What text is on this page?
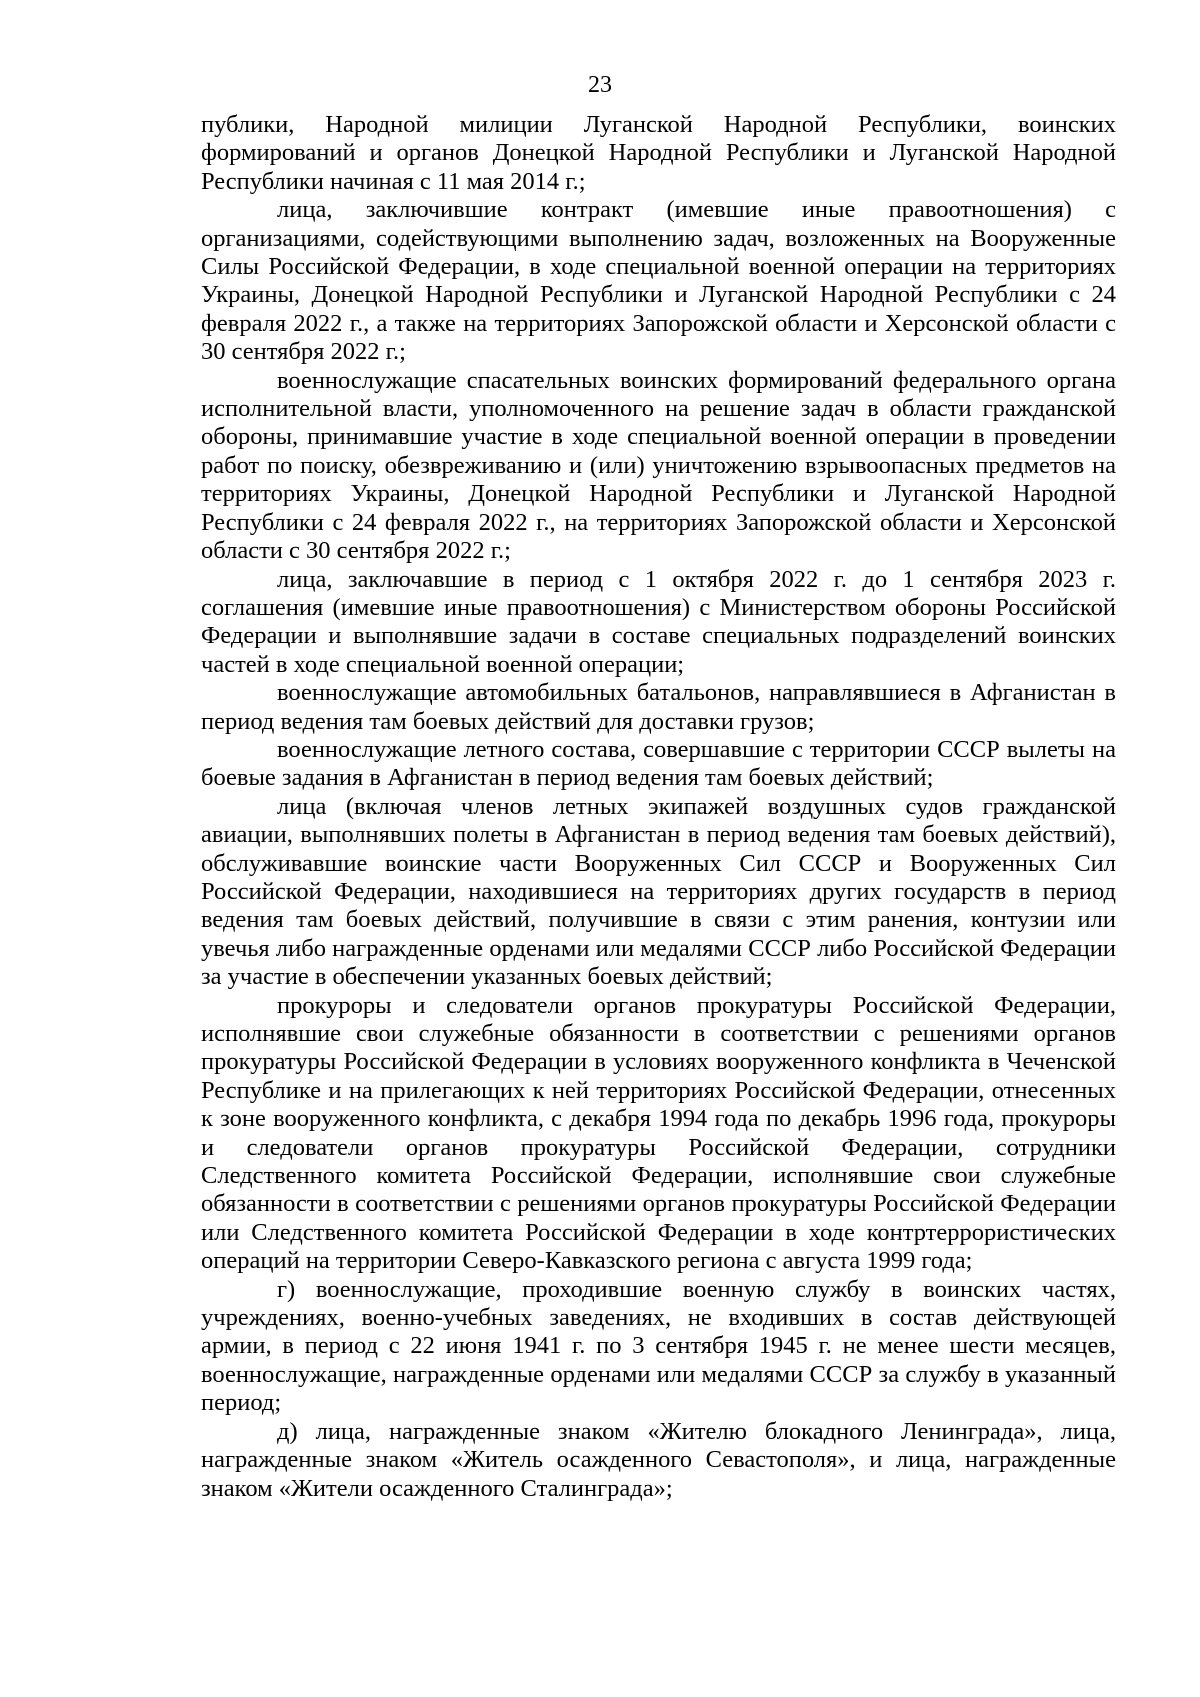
23

публики, Народной милиции Луганской Народной Республики, воинских формирований и органов Донецкой Народной Республики и Луганской Народной Республики начиная с 11 мая 2014 г.;

лица, заключившие контракт (имевшие иные правоотношения) с организациями, содействующими выполнению задач, возложенных на Вооруженные Силы Российской Федерации, в ходе специальной военной операции на территориях Украины, Донецкой Народной Республики и Луганской Народной Республики с 24 февраля 2022 г., а также на территориях Запорожской области и Херсонской области с 30 сентября 2022 г.;

военнослужащие спасательных воинских формирований федерального органа исполнительной власти, уполномоченного на решение задач в области гражданской обороны, принимавшие участие в ходе специальной военной операции в проведении работ по поиску, обезвреживанию и (или) уничтожению взрывоопасных предметов на территориях Украины, Донецкой Народной Республики и Луганской Народной Республики с 24 февраля 2022 г., на территориях Запорожской области и Херсонской области с 30 сентября 2022 г.;

лица, заключавшие в период с 1 октября 2022 г. до 1 сентября 2023 г. соглашения (имевшие иные правоотношения) с Министерством обороны Российской Федерации и выполнявшие задачи в составе специальных подразделений воинских частей в ходе специальной военной операции;

военнослужащие автомобильных батальонов, направлявшиеся в Афганистан в период ведения там боевых действий для доставки грузов;

военнослужащие летного состава, совершавшие с территории СССР вылеты на боевые задания в Афганистан в период ведения там боевых действий;

лица (включая членов летных экипажей воздушных судов гражданской авиации, выполнявших полеты в Афганистан в период ведения там боевых действий), обслуживавшие воинские части Вооруженных Сил СССР и Вооруженных Сил Российской Федерации, находившиеся на территориях других государств в период ведения там боевых действий, получившие в связи с этим ранения, контузии или увечья либо награжденные орденами или медалями СССР либо Российской Федерации за участие в обеспечении указанных боевых действий;

прокуроры и следователи органов прокуратуры Российской Федерации, исполнявшие свои служебные обязанности в соответствии с решениями органов прокуратуры Российской Федерации в условиях вооруженного конфликта в Чеченской Республике и на прилегающих к ней территориях Российской Федерации, отнесенных к зоне вооруженного конфликта, с декабря 1994 года по декабрь 1996 года, прокуроры и следователи органов прокуратуры Российской Федерации, сотрудники Следственного комитета Российской Федерации, исполнявшие свои служебные обязанности в соответствии с решениями органов прокуратуры Российской Федерации или Следственного комитета Российской Федерации в ходе контртеррористических операций на территории Северо-Кавказского региона с августа 1999 года;

г) военнослужащие, проходившие военную службу в воинских частях, учреждениях, военно-учебных заведениях, не входивших в состав действующей армии, в период с 22 июня 1941 г. по 3 сентября 1945 г. не менее шести месяцев, военнослужащие, награжденные орденами или медалями СССР за службу в указанный период;

д) лица, награжденные знаком «Жителю блокадного Ленинграда», лица, награжденные знаком «Житель осажденного Севастополя», и лица, награжденные знаком «Жители осажденного Сталинграда»;
